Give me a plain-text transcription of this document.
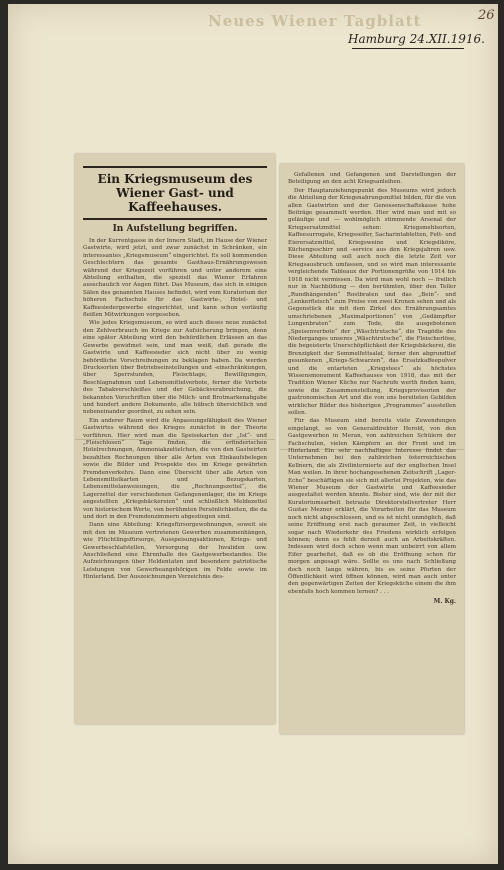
Neues Wiener Tagblatt	26
Hamburg 24.XII.1916.
Ein Kriegsmuseum des Wiener Gast- und Kaffeehauses.
In Aufstellung begriffen.

In der Kurrentgasse in der Innern Stadt, im Hause der Wiener Gastwirte, wird jetzt, und zwar zunächst in Schränken, ein interessantes „Kriegsmuseum“ eingerichtet. Es soll kommenden Geschlechtern das gesamte Gasthaus-Ernährungswesen während der Kriegszeit vorführen und unter anderem eine Abteilung enthalten, die speziell das Wiener Erfahren ausschaulich vor Augen führt. Das Museum, das sich in einigen Sälen des genannten Hauses befindet, wird vom Kuratorium der höheren Fachschule für das Gastwirte-, Hotel- und Kaffeesiedergewerbe eingerichtet, und kann schon vorläufig fleißen Mitwirkungen vorgesehen.

Wie jedes Kriegsmuseum, so wird auch dieses neue zunächst den Zehlverbrauch im Kriege zur Aufsicherung bringen, denn eine später Abteilung wird den behördlichen Erlässen an das Gewerbe gewidmet sein, und man weiß, daß gerade die Gastwirte und Kaffeesieder sich nicht über zu wenig behördliche Vorschreibungen zu beklagen haben. Da werden Drucksorten über Betriebseinstellungen und -einschränkungen, über Sperrstunden, Fleischtage, Bewilligungen, Beschlagnahmen und Lebensmittelverbote, ferner die Verbote des Tabakverschleißes und der Gebäckverabreichung, die bekannten Vorschriften über die Milch- und Brotmarkenabgabe und hundert andere Dokumente, alle hübsch übersichtlich und nebeneinander geordnet, zu sehen sein.

Ein anderer Raum wird die Anpassungsfähigkeit des Wiener Gastwirtes während des Krieges zunächst in der Theorie vorführen. Hier wird man die Speisekarten der „Ist“- und „Fleischlosen“ Tage finden, die erfinderischen Hotelrechnungen, Ammoniakzettelchen, die von den Gastwirten bezahlten Rechnungen über alle Arten von Einkaufsbelegen sowie die Bilder und Prospekte des im Kriege gewährten Fremdenverkehrs. Dann eine Übersicht über alle Arten von Lebensmittelkarten und Bezugskarten, Lebensmittelanweisungen, die „Rechnungszettel“, die Lagerzettel der verschiedenen Gefangenenlager, die im Kriege angestellten „Kriegsbäckereien“ und schließlich Meldezettel von historischem Werte, von berühmten Persönlichkeiten, die da und dort in den Fremdenzimmern abgestiegen sind.

Dann eine Abteilung: Kriegsfürsorgewohnungen, soweit sie mit den im Museum vertretenen Gewerben zusammenhängen, wie Flüchtlingsfürsorge, Ausspeisungsaktionen, Kriegs- und Gewerbeschlafstellen, Versorgung der Invaliden usw. Anschließend eine Ehrenhalle des Gastgewerbestandes. Die Aufzeichnungen über Heldentaten und besondere patriotische Leistungen von Gewerbeangehörigen im Felde sowie im Hinterland. Der Auszeichnungen Verzeichnis des-

Gefallenen und Gefangenen und Darstellungen der Beteiligung an den acht Kriegsanleihen.

Der Hauptanziehungspunkt des Museums wird jedoch die Abteilung der Kriegsnahrungsmittel bilden, für die von allen Gastwirten und der Genossenschaftskasse hohe Beiträge gesammelt werden. Hier wird man und mit so geläufige und — wohlmöglich stimmende Arsenal der Kriegsersatzmittel sehen: Kriegsmehlsorten, Kaffeesurrogate, Kriegsseifer, Sacharintabletten, Fett- und Eierersatzmittel, Kriegsweine und Kriegsliköre, Küchengeschirr und -service aus den Kriegsjahren usw. Diese Abteilung soll auch noch die letzte Zeit vor Kriegsausbruch umfassen, und so wird man interessante vergleichende Tableaux der Portionengröße von 1914 bis 1918 nicht vermissen. Da wird man wohl noch — freilich nur in Nachbildung — den berühmten, über den Teller „Rundhängenden“ Rostbraten und das „Bein“- und „Lenkerfleisch“ zum Preise von zwei Kronen sehen und als Gegenstück die mit dem Zirkel des Ernährungsamtes umschriebenen „Maximalportionen“ von „Gedämpfter Lungenbraten“ zum Tode, die ausgebotenen „Speisenverbote“ der „Wäschtrutsche“, die Tragödie des Niederganges unseres „Wäschtrutsche“, die Fleischerlöse, die begeisterte Unerschöpflichkeit der Kriegsbäckerei, die Brenzigkeit der Semmelfettsalat, ferner den abgrundtief gesunkenen „Kriegs-Schwarzen“, das Ersatzkaffeepulver und die entarteten „Kriegstees“ als höchstes Wissensmonument Kaffeehauses von 1918, das mit der Tradition Wiener Küche nur Nachrufe werth finden kann, sowie die Zusammenstellung, Kriegsprovisorien der gastronomischen Art und die von uns bereiteten Gebilden wirklicher Bilder des bisherigen „Programmes“ ausstellen sollen.

Für das Museum sind bereits viele Zuwendungen eingelangt, so von Generaldirektor Herold, von den Gastgewerben in Meran, von zahlreichen Schülern der Fachschulen, vielen Kämpfern an der Front und im Hinterland. Ein sehr nachhaltiges Interesse findet das Unternehmen bei den zahlreichen österreichischen Kellnern, die als Zivilinternierte auf der englischen Insel Man weilen. In ihrer hochangesehenen Zeitschrift „Lager-Echo“ beschäftigen sie sich mit allerlei Projekten, wie das Wiener Museum der Gastwirte und Kaffeesieder ausgestaltet werden könnte. Bisher sind, wie der mit der Kuratoriumsarbeit betraute Direktorstellvertreter Herr Gustav Mezner erklärt, die Vorarbeiten für das Museum noch nicht abgeschlossen, und es ist nicht unmöglich, daß seine Eröffnung erst nach geraumer Zeit, in vielleicht sogar nach Wiederkehr des Friedens wirklich erfolgen können; denn es fehlt derzeit auch an Arbeitskräften. Indessen wird doch schon wenn man unbeirrt von allem Eifer gearbeitet, daß es ob die Eröffnung schon für morgen angesagt wäre. Sollte es uns nach Schließung doch noch lange währen, bis es seine Pforten der Öffentlichkeit wird öffnen können, wird man auch unter den gegenwärtigen Zeiten der Kriegsküche einem die ihm ebenfalls hoch kommen lernen? . . .

M. Kg.
